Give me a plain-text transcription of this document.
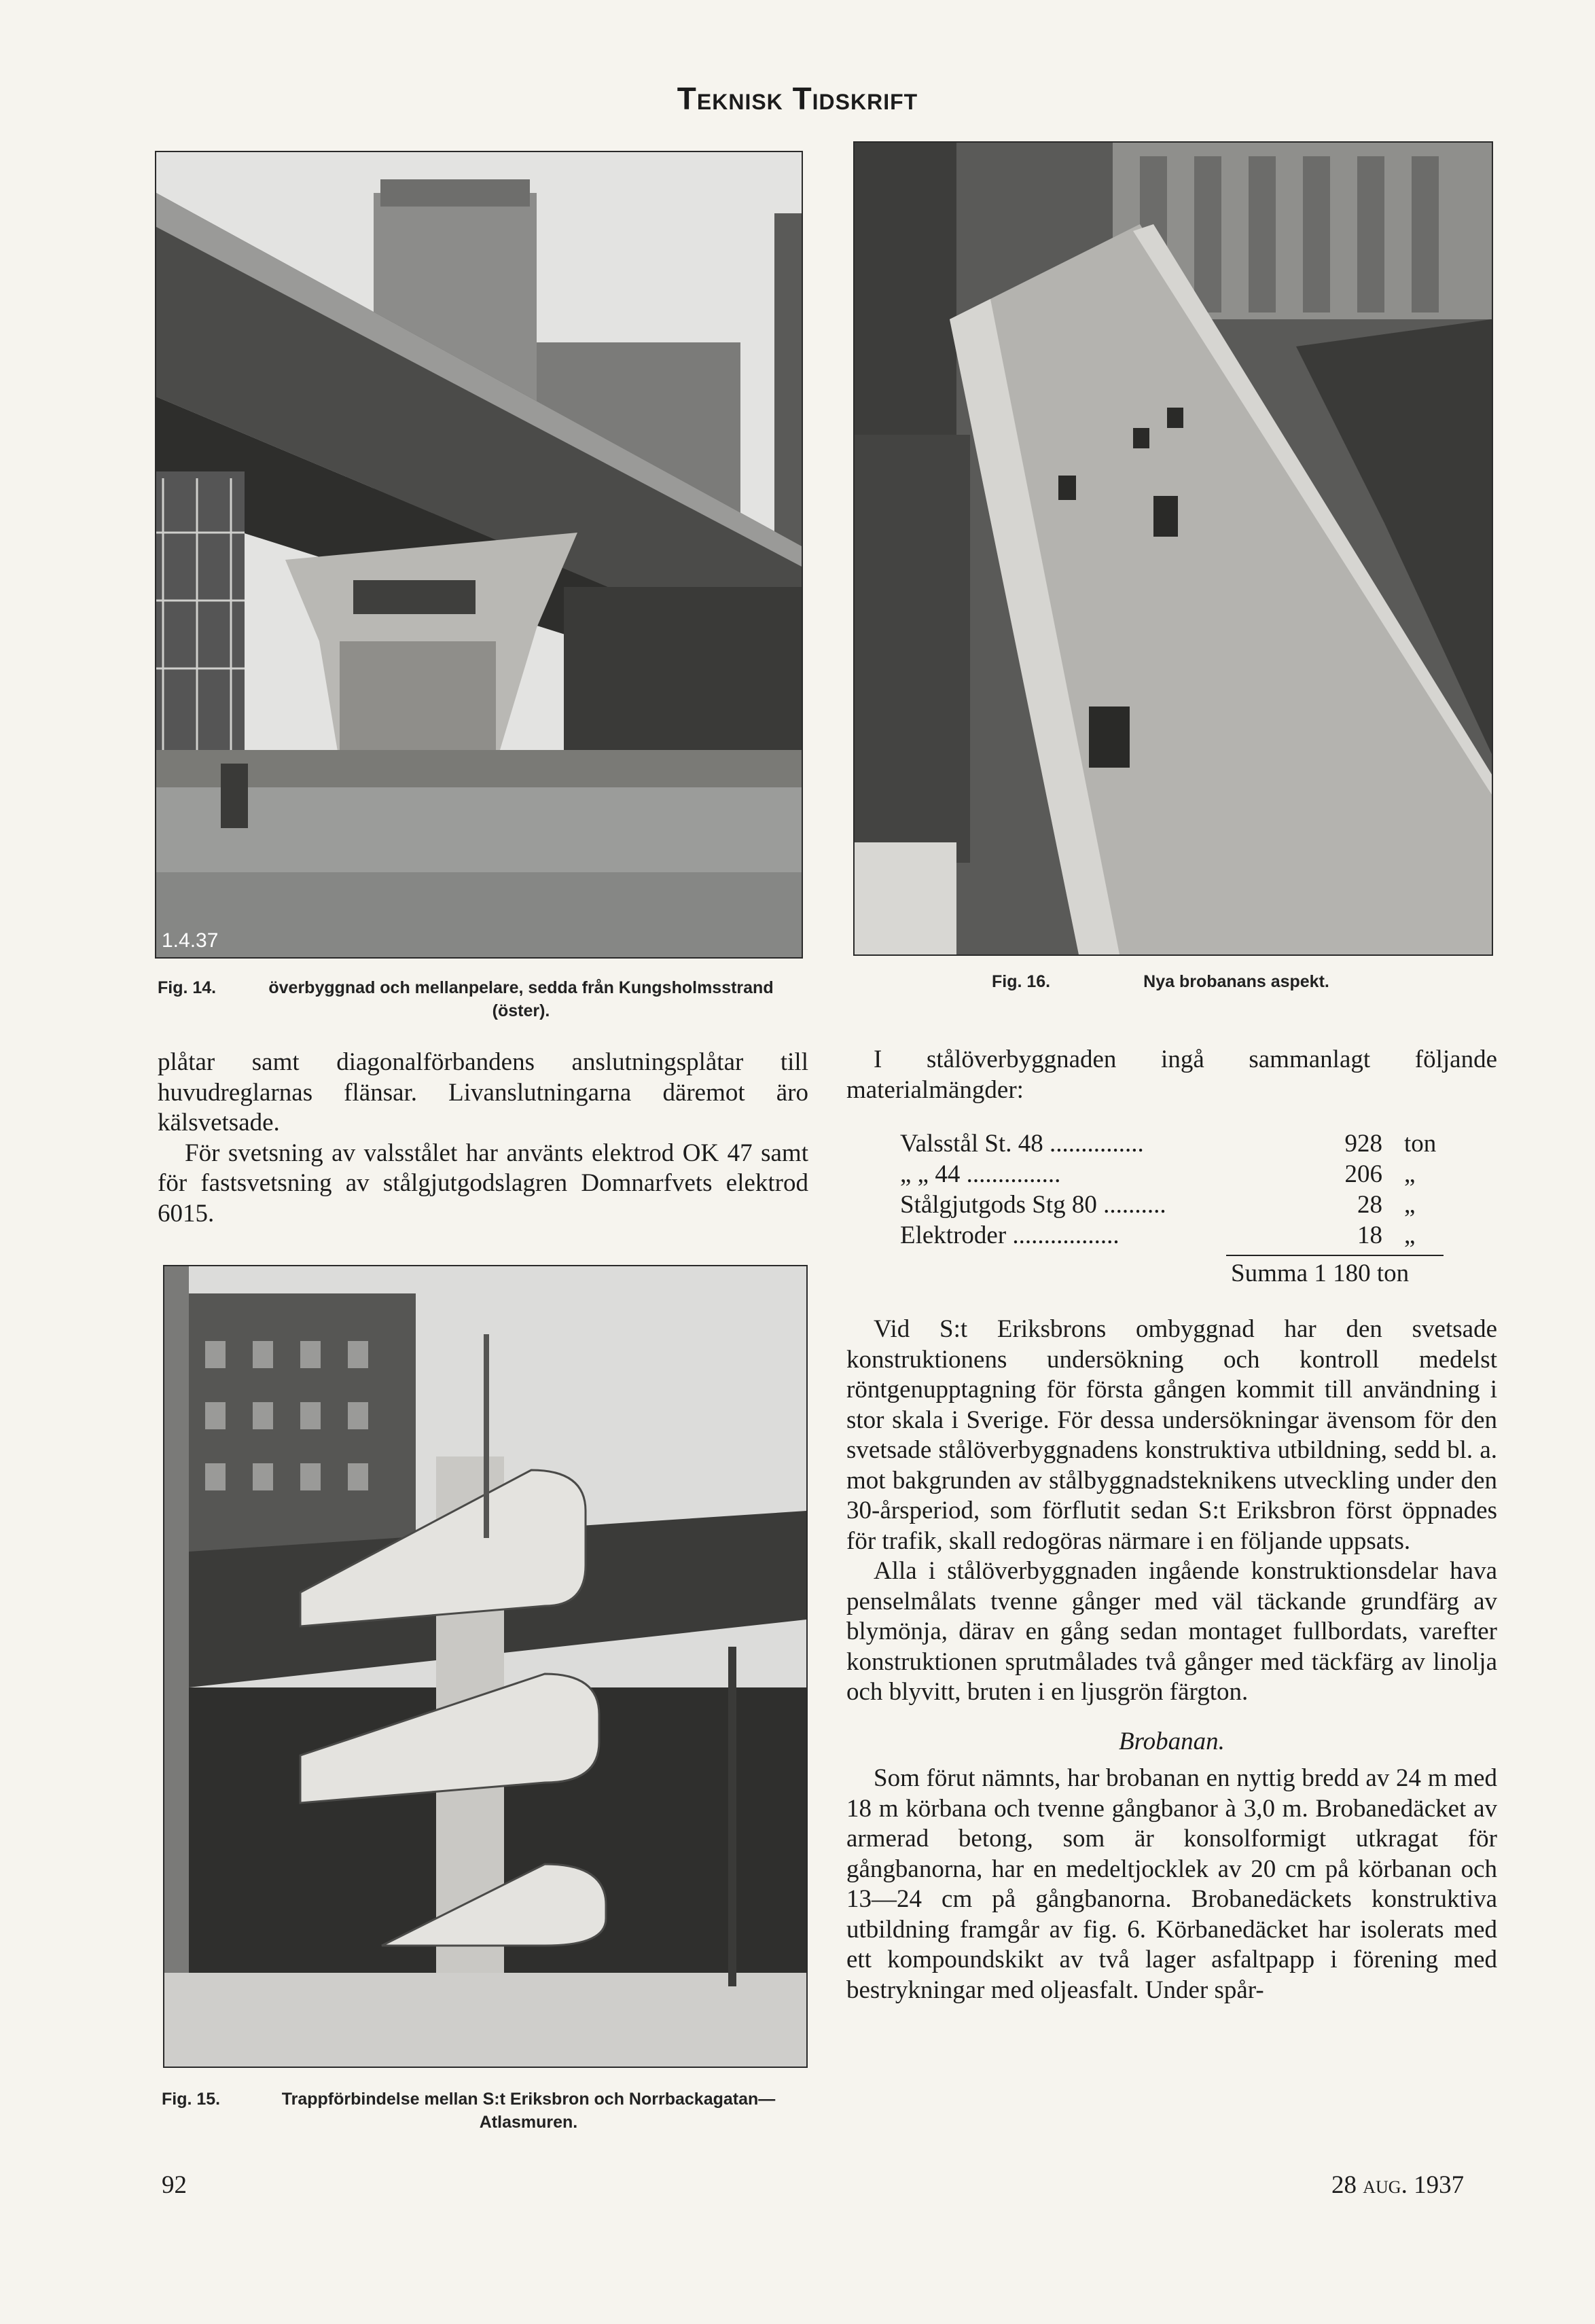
Teknisk Tidskrift
1.4.37
Fig. 14.	överbyggnad och mellanpelare, sedda från Kungsholmsstrand (öster).
Fig. 16.	Nya brobanans aspekt.
Fig. 15.	Trappförbindelse mellan S:t Eriksbron och Norrbackagatan—Atlasmuren.

plåtar samt diagonalförbandens anslutningsplåtar till huvudreglarnas flänsar. Livanslutningarna däremot äro kälsvetsade.

För svetsning av valsstålet har använts elektrod OK 47 samt för fastsvetsning av stålgjutgodslagren Domnarfvets elektrod 6015.

I stålöverbyggnaden ingå sammanlagt följande materialmängder:

Valsstål St. 48 ...............	928 ton
„ „ 44 ...............	206 „
Stålgjutgods Stg 80 ..........	28 „
Elektroder .................	18 „
Summa 1 180 ton

Vid S:t Eriksbrons ombyggnad har den svetsade konstruktionens undersökning och kontroll medelst röntgenupptagning för första gången kommit till användning i stor skala i Sverige. För dessa undersökningar ävensom för den svetsade stålöverbyggnadens konstruktiva utbildning, sedd bl. a. mot bakgrunden av stålbyggnadsteknikens utveckling under den 30-årsperiod, som förflutit sedan S:t Eriksbron först öppnades för trafik, skall redogöras närmare i en följande uppsats.

Alla i stålöverbyggnaden ingående konstruktionsdelar hava penselmålats tvenne gånger med väl täckande grundfärg av blymönja, därav en gång sedan montaget fullbordats, varefter konstruktionen sprutmålades två gånger med täckfärg av linolja och blyvitt, bruten i en ljusgrön färgton.

Brobanan.

Som förut nämnts, har brobanan en nyttig bredd av 24 m med 18 m körbana och tvenne gångbanor à 3,0 m. Brobanedäcket av armerad betong, som är konsolformigt utkragat för gångbanorna, har en medeltjocklek av 20 cm på körbanan och 13—24 cm på gångbanorna. Brobanedäckets konstruktiva utbildning framgår av fig. 6. Körbanedäcket har isolerats med ett kompoundskikt av två lager asfaltpapp i förening med bestrykningar med oljeasfalt. Under spår-

92	28 aug. 1937
